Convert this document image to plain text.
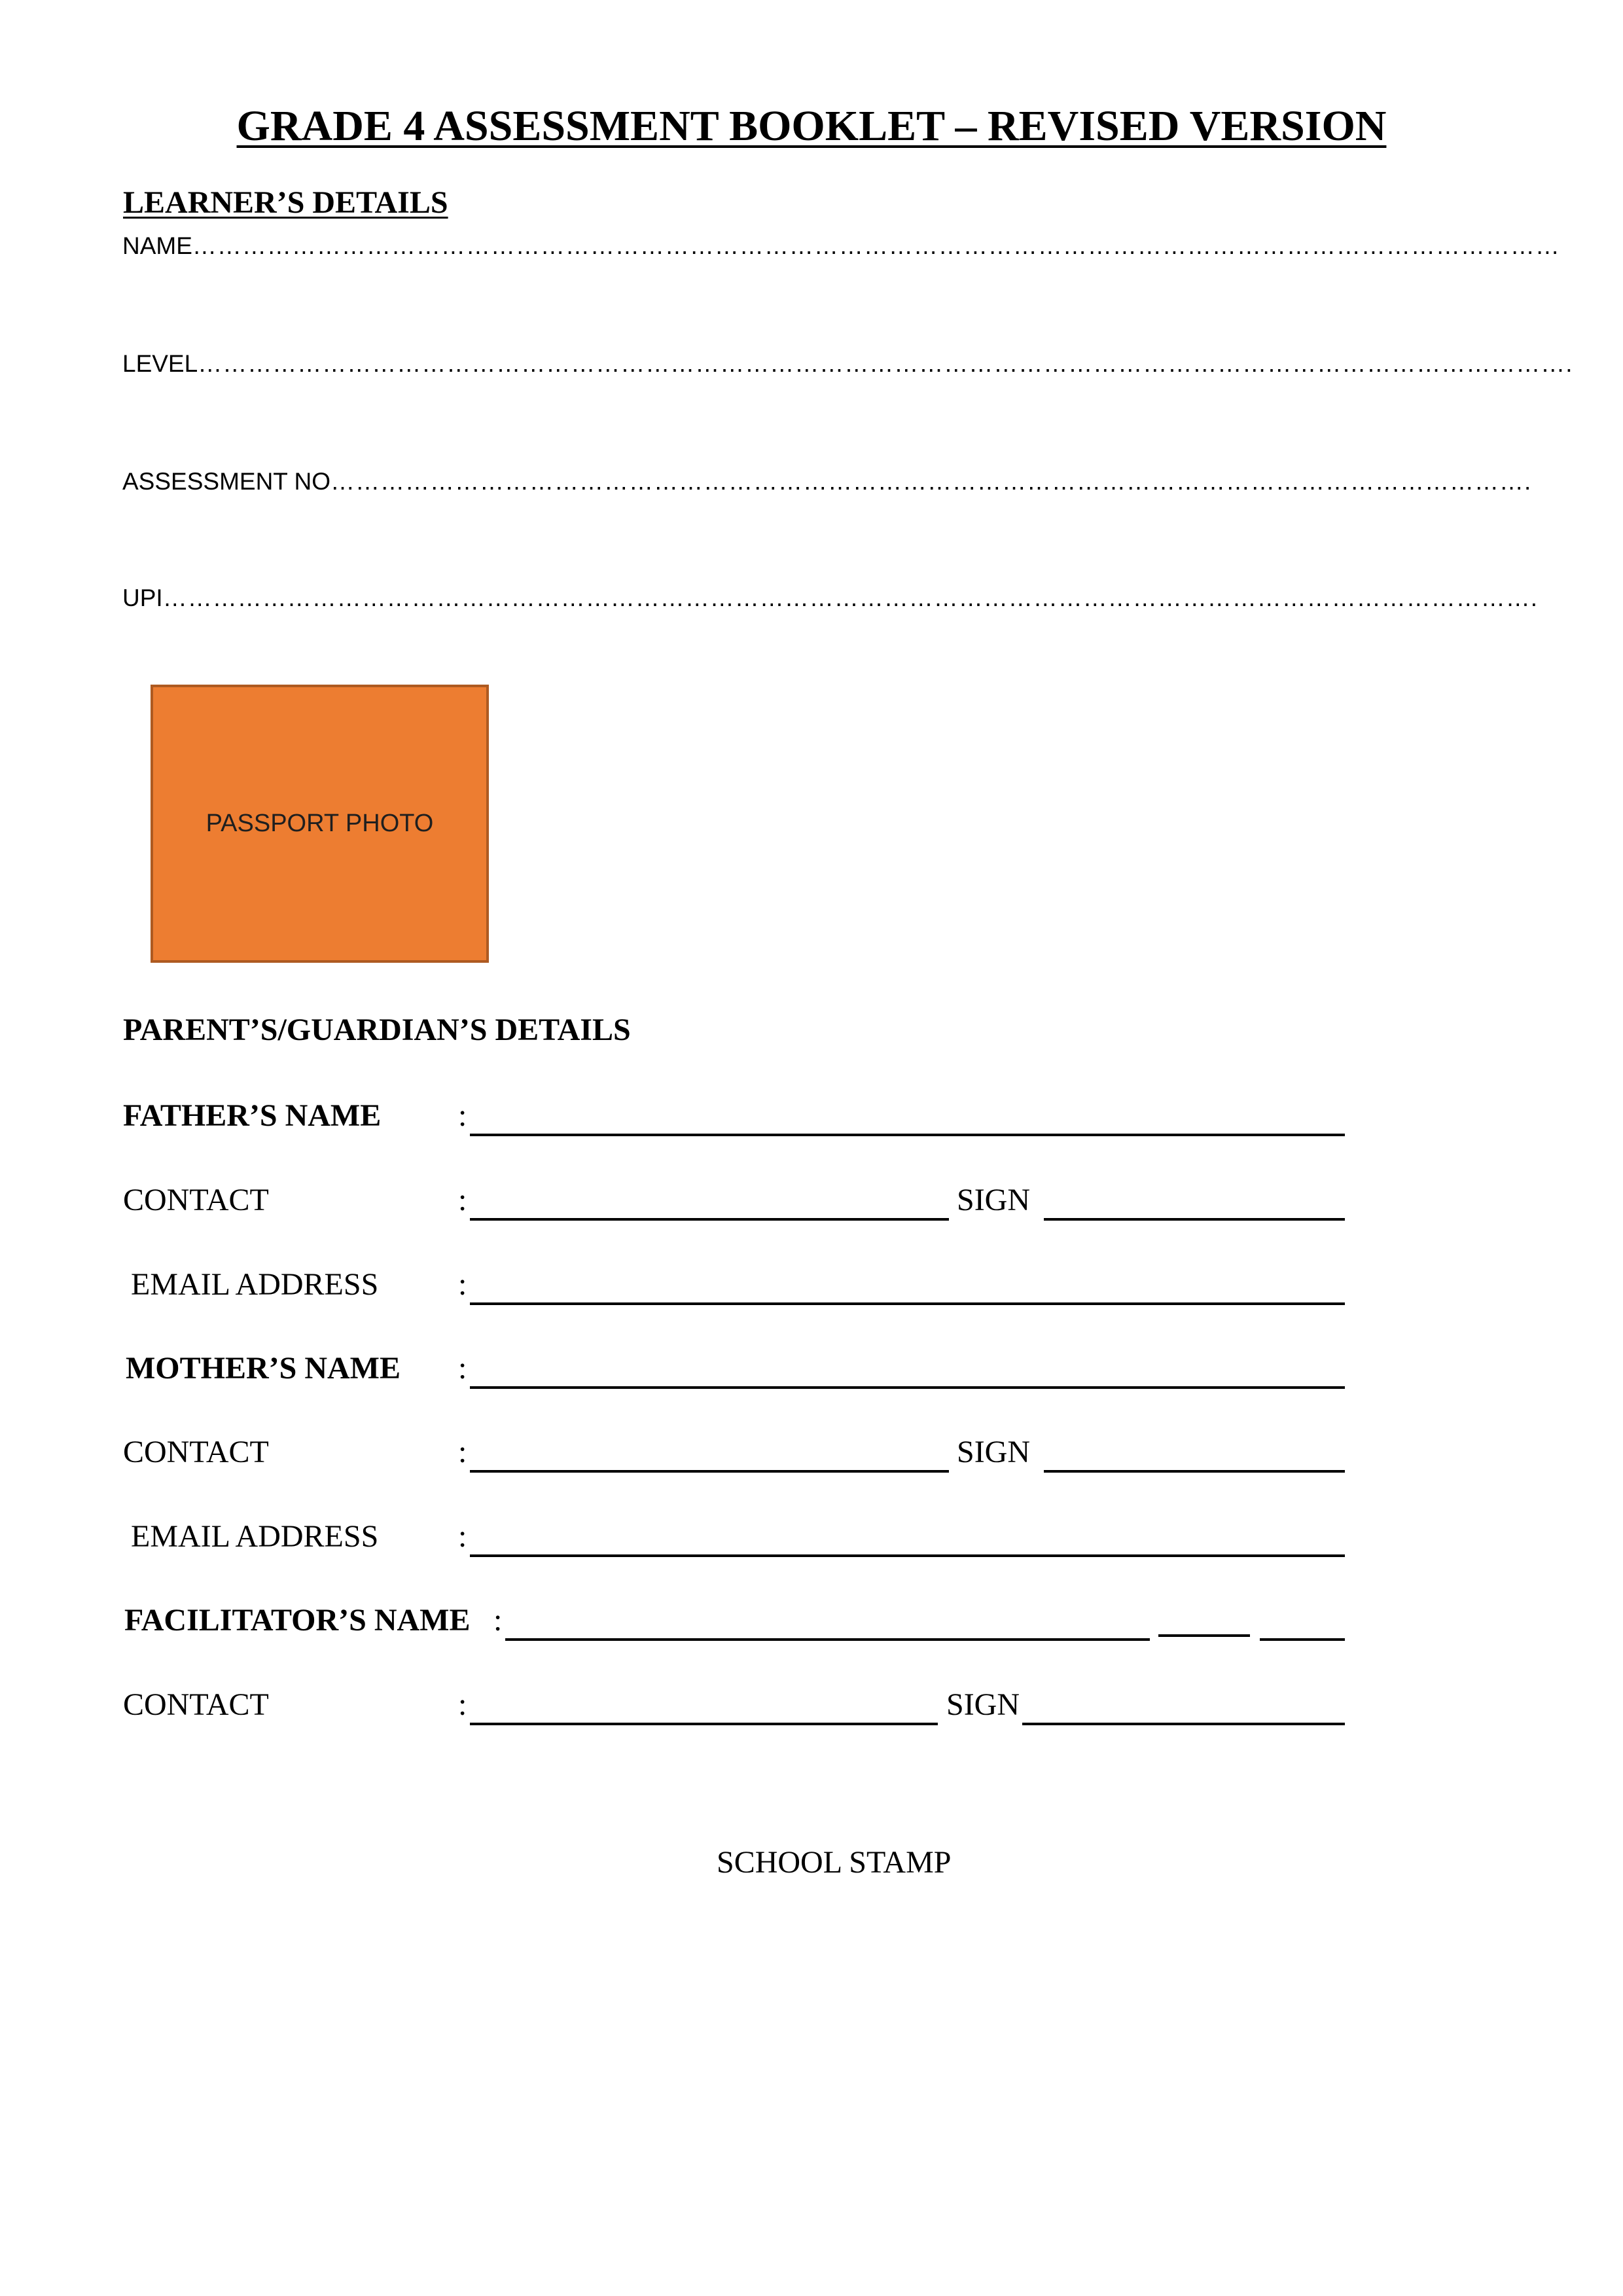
GRADE 4 ASSESSMENT BOOKLET – REVISED VERSION
LEARNER’S DETAILS
NAME …………………………………………………………………………………………………………………………………………………
LEVEL ………………………………………………………………………………………………………………………………………………….
ASSESSMENT NO ……………………………………………………………………………………………………………………………….
UPI ………………………………………………………………………………………………………………………………………………….
PASSPORT PHOTO
PARENT’S/GUARDIAN’S DETAILS
FATHER’S NAME :
CONTACT	:	SIGN
EMAIL ADDRESS	:
MOTHER’S NAME :
CONTACT	:	SIGN
EMAIL ADDRESS	:
FACILITATOR’S NAME :
CONTACT	:	SIGN
SCHOOL STAMP
